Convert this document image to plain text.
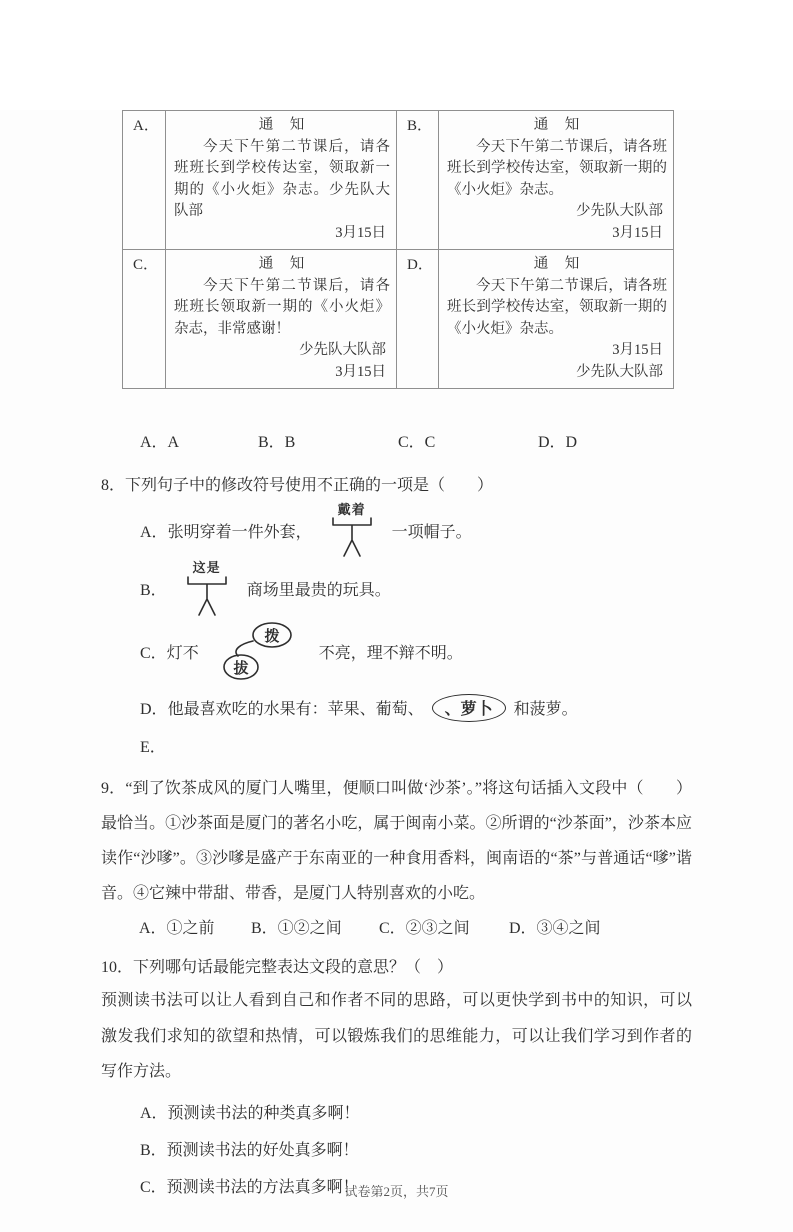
A．	通　知
今天下午第二节课后，请各班班长到学校传达室，领取新一期的《小火炬》杂志。少先队大队部
3月15日
B．	通　知
今天下午第二节课后，请各班班长到学校传达室，领取新一期的《小火炬》杂志。
少先队大队部
3月15日
C．	通　知
今天下午第二节课后，请各班班长领取新一期的《小火炬》杂志，非常感谢！
少先队大队部
3月15日
D．	通　知
今天下午第二节课后，请各班班长到学校传达室，领取新一期的《小火炬》杂志。
3月15日
少先队大队部
A．A	B．B	C．C	D．D
8．下列句子中的修改符号使用不正确的一项是（　　）
A． 张明穿着一件外套，
戴着
一项帽子。
B．
这是
商场里最贵的玩具。
C． 灯不
拨
拔
不亮，理不辩不明。
D． 他最喜欢吃的水果有：苹果、葡萄、	、萝卜	和菠萝。
E．
9．“到了饮茶成风的厦门人嘴里，便顺口叫做‘沙茶’。”将这句话插入文段中（　　）最恰当。①沙茶面是厦门的著名小吃，属于闽南小菜。②所谓的“沙茶面”，沙茶本应读作“沙嗲”。③沙嗲是盛产于东南亚的一种食用香料，闽南语的“茶”与普通话“嗲”谐音。④它辣中带甜、带香，是厦门人特别喜欢的小吃。
A．①之前	B．①②之间	C．②③之间	D．③④之间
10．下列哪句话最能完整表达文段的意思？（　）
预测读书法可以让人看到自己和作者不同的思路，可以更快学到书中的知识，可以激发我们求知的欲望和热情，可以锻炼我们的思维能力，可以让我们学习到作者的写作方法。
A．预测读书法的种类真多啊！
B．预测读书法的好处真多啊！
C．预测读书法的方法真多啊！
试卷第2页，共7页
